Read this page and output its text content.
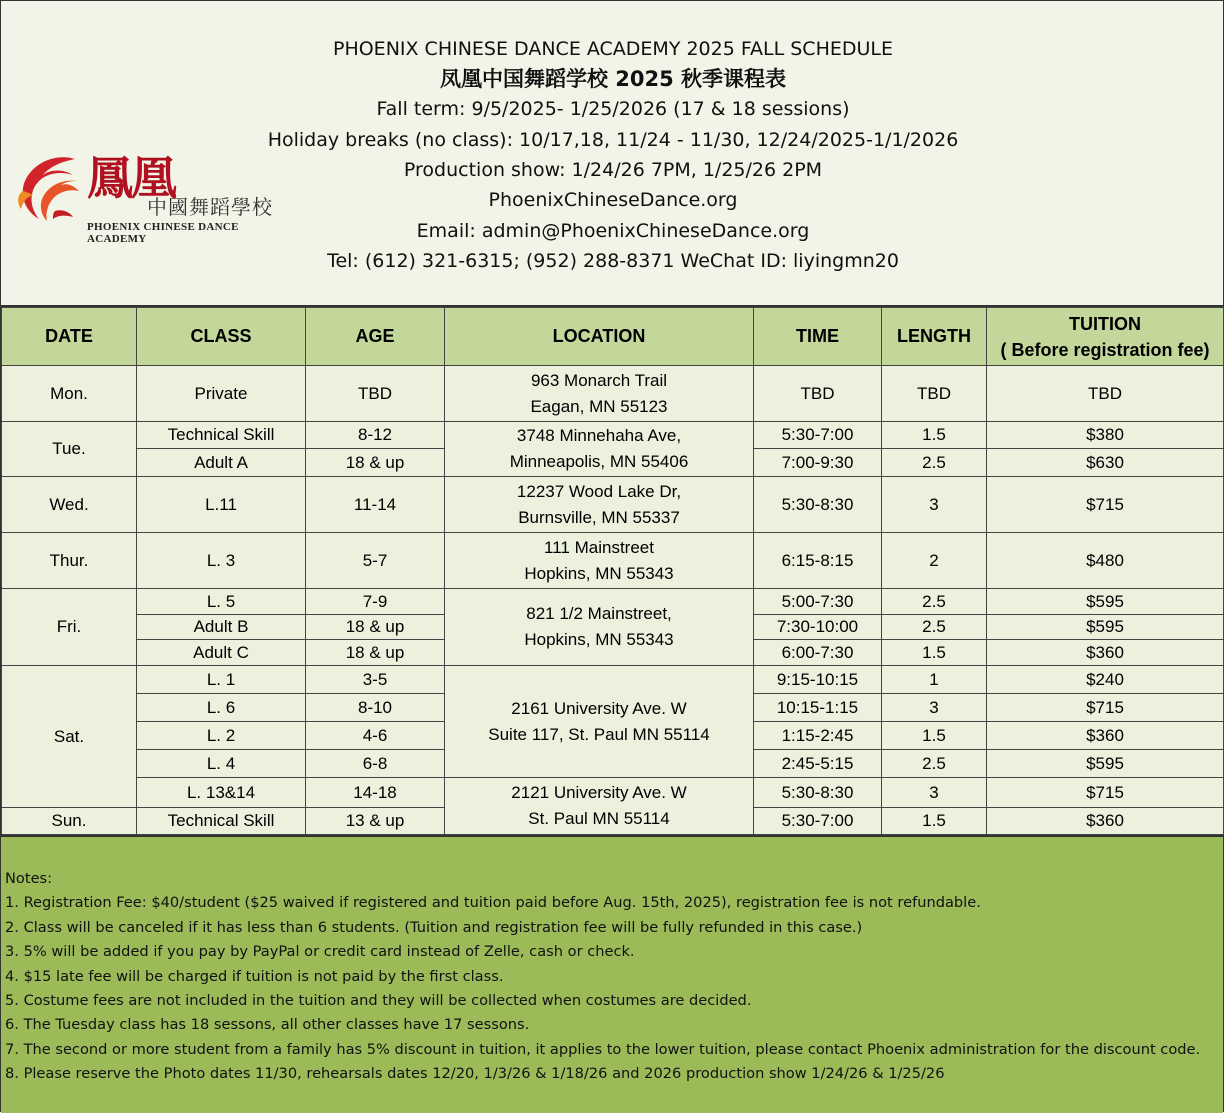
鳳凰
中國舞蹈學校
PHOENIX CHINESE DANCE ACADEMY
PHOENIX CHINESE DANCE ACADEMY 2025 FALL SCHEDULE
凤凰中国舞蹈学校 2025 秋季课程表
Fall term: 9/5/2025- 1/25/2026 (17 & 18 sessions)
Holiday breaks (no class): 10/17,18, 11/24 - 11/30, 12/24/2025-1/1/2026
Production show: 1/24/26 7PM, 1/25/26 2PM
PhoenixChineseDance.org
Email: admin@PhoenixChineseDance.org
Tel: (612) 321-6315; (952) 288-8371 WeChat ID: liyingmn20
DATE	CLASS	AGE	LOCATION	TIME	LENGTH	TUITION
( Before registration fee)

Mon.	Private	TBD	963 Monarch Trail
Eagan, MN 55123	TBD	TBD	TBD
Tue.	Technical Skill	8-12	3748 Minnehaha Ave,
Minneapolis, MN 55406	5:30-7:00	1.5	$380
	Adult A	18 & up		7:00-9:30	2.5	$630
Wed.	L.11	11-14	12237 Wood Lake Dr,
Burnsville, MN 55337	5:30-8:30	3	$715
Thur.	L. 3	5-7	111 Mainstreet
Hopkins, MN 55343	6:15-8:15	2	$480
Fri.	L. 5	7-9	821 1/2 Mainstreet,
Hopkins, MN 55343	5:00-7:30	2.5	$595
	Adult B	18 & up		7:30-10:00	2.5	$595
	Adult C	18 & up		6:00-7:30	1.5	$360
Sat.	L. 1	3-5	2161 University Ave. W
Suite 117, St. Paul MN 55114	9:15-10:15	1	$240
	L. 6	8-10		10:15-1:15	3	$715
	L. 2	4-6		1:15-2:45	1.5	$360
	L. 4	6-8		2:45-5:15	2.5	$595
	L. 13&14	14-18	2121 University Ave. W
St. Paul MN 55114	5:30-8:30	3	$715
Sun.	Technical Skill	13 & up		5:30-7:00	1.5	$360

Notes:

1. Registration Fee: $40/student ($25 waived if registered and tuition paid before Aug. 15th, 2025), registration fee is not refundable.

2. Class will be canceled if it has less than 6 students. (Tuition and registration fee will be fully refunded in this case.)

3. 5% will be added if you pay by PayPal or credit card instead of Zelle, cash or check.

4. $15 late fee will be charged if tuition is not paid by the first class.

5. Costume fees are not included in the tuition and they will be collected when costumes are decided.

6. The Tuesday class has 18 sessons, all other classes have 17 sessons.

7. The second or more student from a family has 5% discount in tuition, it applies to the lower tuition, please contact Phoenix administration for the discount code.

8. Please reserve the Photo dates 11/30, rehearsals dates 12/20, 1/3/26 & 1/18/26 and 2026 production show 1/24/26 & 1/25/26
